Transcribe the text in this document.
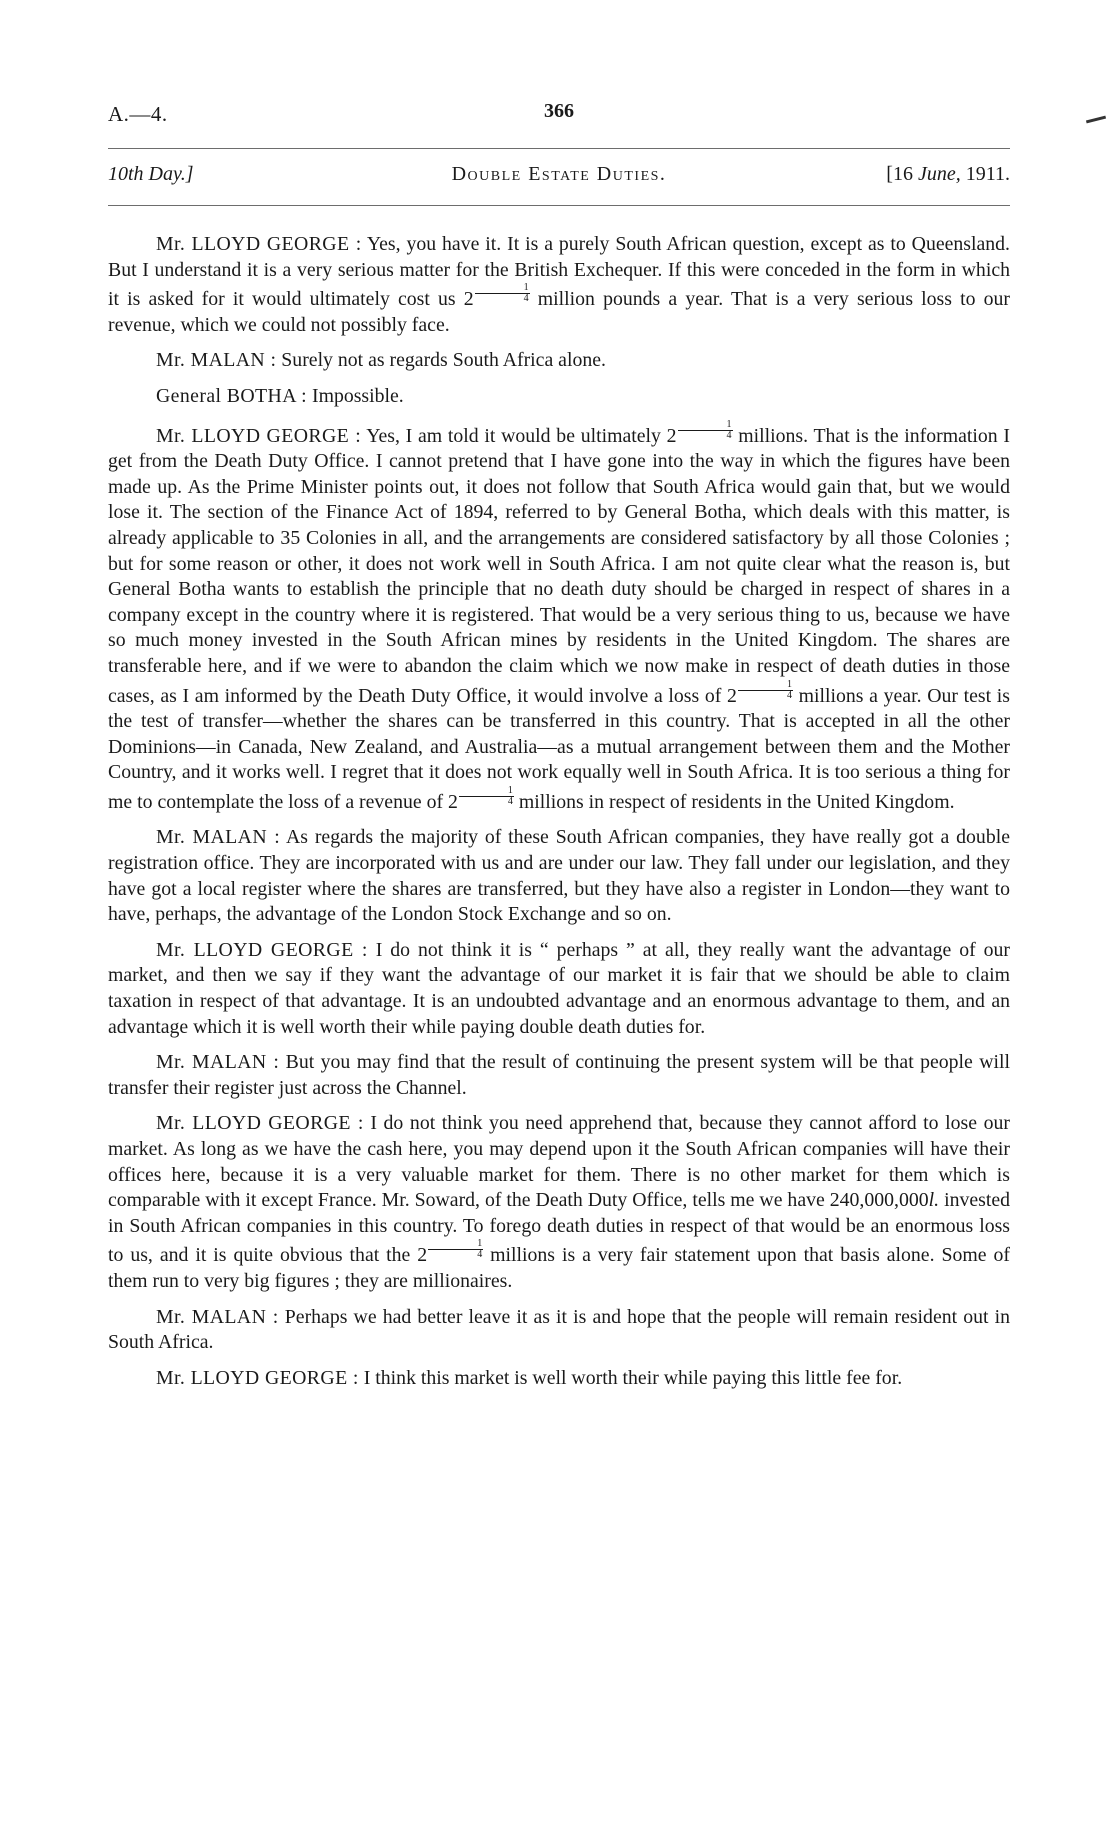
A.—4.	366
10th Day.]	Double Estate Duties.	[16 June, 1911.

Mr. LLOYD GEORGE : Yes, you have it. It is a purely South African question, except as to Queensland. But I understand it is a very serious matter for the British Exchequer. If this were conceded in the form in which it is asked for it would ultimately cost us $2 \frac{1}{4}$ million pounds a year. That is a very serious loss to our revenue, which we could not possibly face.

Mr. MALAN : Surely not as regards South Africa alone.

General BOTHA : Impossible.

Mr. LLOYD GEORGE : Yes, I am told it would be ultimately $2 \frac{1}{4}$ millions. That is the information I get from the Death Duty Office. I cannot pretend that I have gone into the way in which the figures have been made up. As the Prime Minister points out, it does not follow that South Africa would gain that, but we would lose it. The section of the Finance Act of 1894, referred to by General Botha, which deals with this matter, is already applicable to 35 Colonies in all, and the arrangements are considered satisfactory by all those Colonies ; but for some reason or other, it does not work well in South Africa. I am not quite clear what the reason is, but General Botha wants to establish the principle that no death duty should be charged in respect of shares in a company except in the country where it is registered. That would be a very serious thing to us, because we have so much money invested in the South African mines by residents in the United Kingdom. The shares are transferable here, and if we were to abandon the claim which we now make in respect of death duties in those cases, as I am informed by the Death Duty Office, it would involve a loss of $2 \frac{1}{4}$ millions a year. Our test is the test of transfer—whether the shares can be transferred in this country. That is accepted in all the other Dominions—in Canada, New Zealand, and Australia—as a mutual arrangement between them and the Mother Country, and it works well. I regret that it does not work equally well in South Africa. It is too serious a thing for me to contemplate the loss of a revenue of $2 \frac{1}{4}$ millions in respect of residents in the United Kingdom.

Mr. MALAN : As regards the majority of these South African companies, they have really got a double registration office. They are incorporated with us and are under our law. They fall under our legislation, and they have got a local register where the shares are transferred, but they have also a register in London—they want to have, perhaps, the advantage of the London Stock Exchange and so on.

Mr. LLOYD GEORGE : I do not think it is “ perhaps ” at all, they really want the advantage of our market, and then we say if they want the advantage of our market it is fair that we should be able to claim taxation in respect of that advantage. It is an undoubted advantage and an enormous advantage to them, and an advantage which it is well worth their while paying double death duties for.

Mr. MALAN : But you may find that the result of continuing the present system will be that people will transfer their register just across the Channel.

Mr. LLOYD GEORGE : I do not think you need apprehend that, because they cannot afford to lose our market. As long as we have the cash here, you may depend upon it the South African companies will have their offices here, because it is a very valuable market for them. There is no other market for them which is comparable with it except France. Mr. Soward, of the Death Duty Office, tells me we have 240,000,000l. invested in South African companies in this country. To forego death duties in respect of that would be an enormous loss to us, and it is quite obvious that the $2 \frac{1}{4}$ millions is a very fair statement upon that basis alone. Some of them run to very big figures ; they are millionaires.

Mr. MALAN : Perhaps we had better leave it as it is and hope that the people will remain resident out in South Africa.

Mr. LLOYD GEORGE : I think this market is well worth their while paying this little fee for.
